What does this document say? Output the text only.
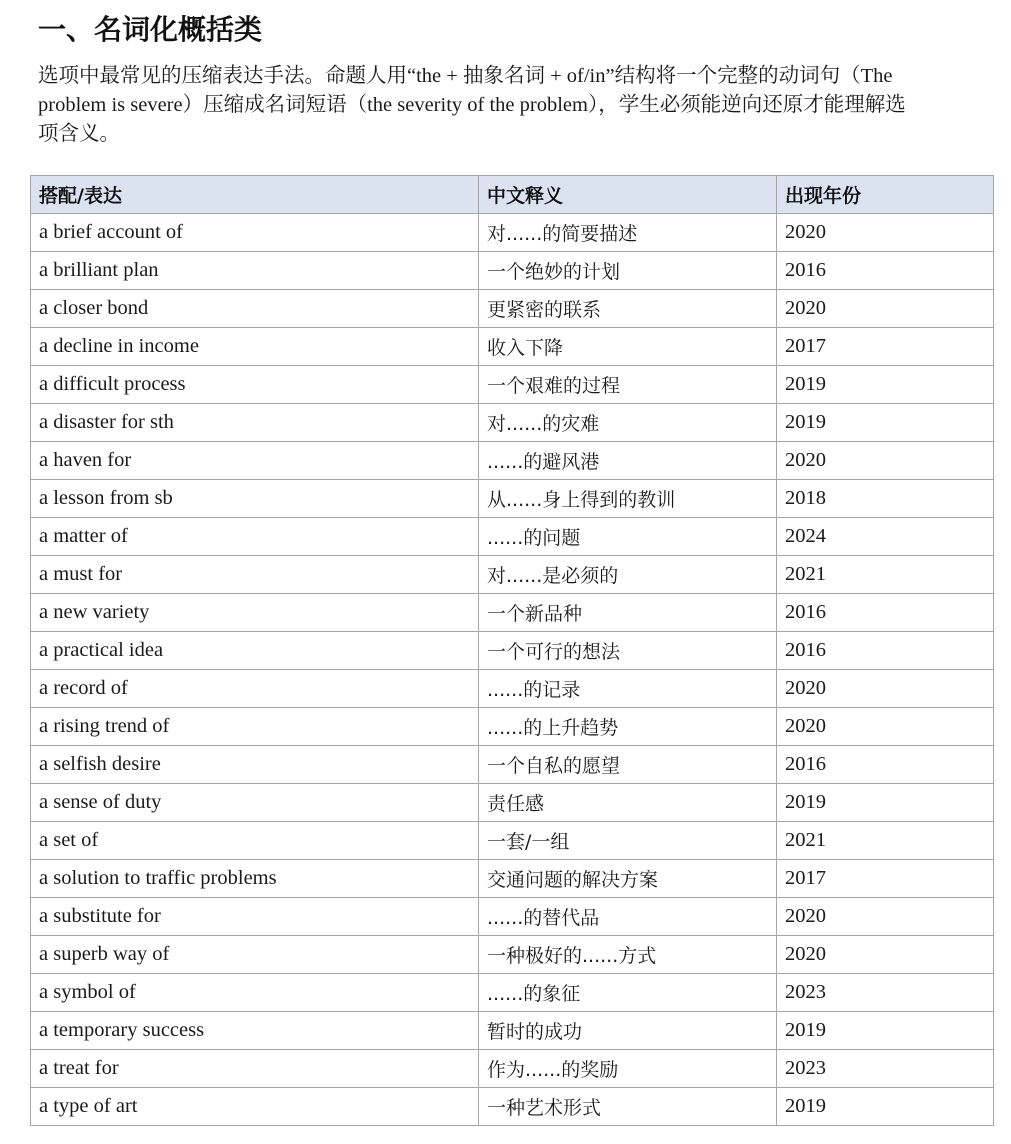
一、名词化概括类
选项中最常见的压缩表达手法。命题人用“the + 抽象名词 + of/in”结构将一个完整的动词句（The
problem is severe）压缩成名词短语（the severity of the problem），学生必须能逆向还原才能理解选
项含义。
搭配/表达	中文释义	出现年份
a brief account of	对......的简要描述	2020
a brilliant plan	一个绝妙的计划	2016
a closer bond	更紧密的联系	2020
a decline in income	收入下降	2017
a difficult process	一个艰难的过程	2019
a disaster for sth	对......的灾难	2019
a haven for	......的避风港	2020
a lesson from sb	从......身上得到的教训	2018
a matter of	......的问题	2024
a must for	对......是必须的	2021
a new variety	一个新品种	2016
a practical idea	一个可行的想法	2016
a record of	......的记录	2020
a rising trend of	......的上升趋势	2020
a selfish desire	一个自私的愿望	2016
a sense of duty	责任感	2019
a set of	一套/一组	2021
a solution to traffic problems	交通问题的解决方案	2017
a substitute for	......的替代品	2020
a superb way of	一种极好的......方式	2020
a symbol of	......的象征	2023
a temporary success	暂时的成功	2019
a treat for	作为......的奖励	2023
a type of art	一种艺术形式	2019
